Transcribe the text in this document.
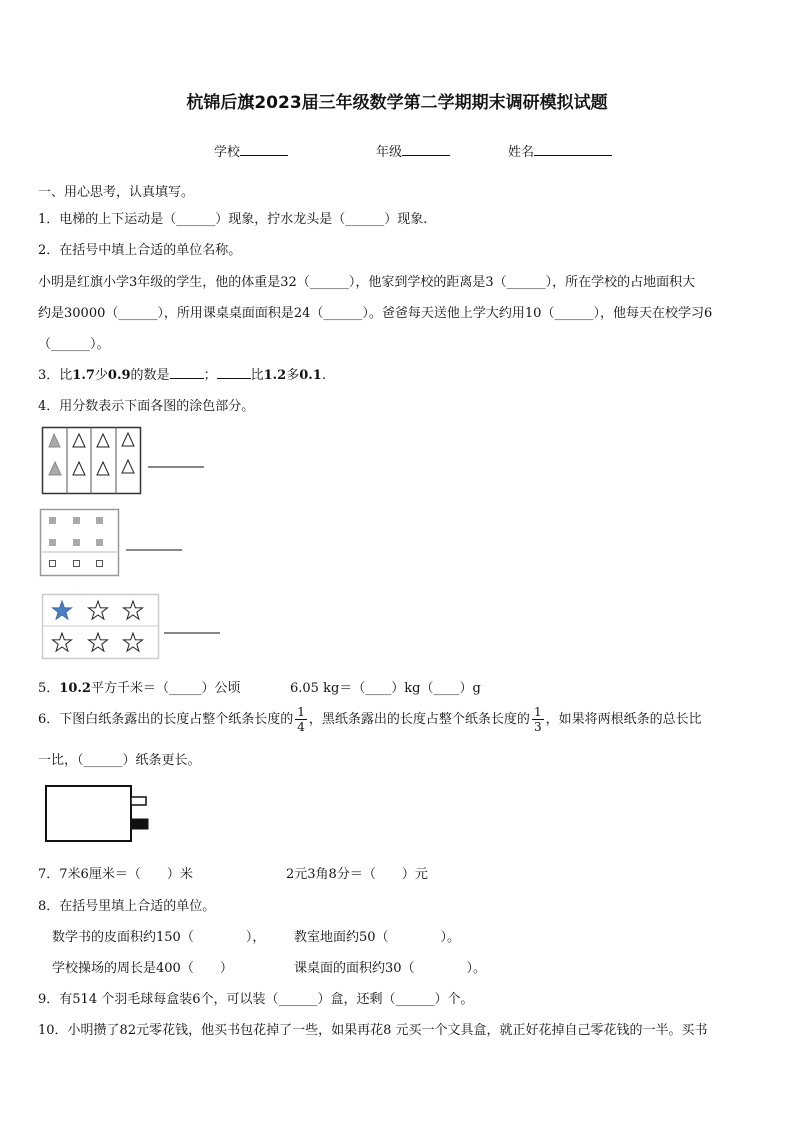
杭锦后旗2023届三年级数学第二学期期末调研模拟试题
学校	年级	姓名
一、用心思考，认真填写。
1．电梯的上下运动是（______）现象，拧水龙头是（______）现象.
2．在括号中填上合适的单位名称。
小明是红旗小学3年级的学生，他的体重是32（______），他家到学校的距离是3（______），所在学校的占地面积大
约是30000（______），所用课桌桌面面积是24（______）。爸爸每天送他上学大约用10（______），他每天在校学习6
（______）。
3．比1.7少0.9的数是	；	比1.2多0.1.
4．用分数表示下面各图的涂色部分。
5．10.2平方千米＝（_____）公顷	6.05 kg＝（____）kg（____）g
6．下图白纸条露出的长度占整个纸条长度的 $\frac{1}{4}$ ，黑纸条露出的长度占整个纸条长度的 $\frac{1}{3}$ ，如果将两根纸条的总长比
一比，（______）纸条更长。
7．7米6厘米＝（　　）米	2元3角8分＝（　　）元
8．在括号里填上合适的单位。
数学书的皮面积约150（　　　　）， 教室地面约50（　　　　）。
学校操场的周长是400（　　）	课桌面的面积约30（　　　　）。
9．有514 个羽毛球每盒装6个，可以装（______）盒，还剩（______）个。
10．小明攒了82元零花钱，他买书包花掉了一些，如果再花8 元买一个文具盒，就正好花掉自己零花钱的一半。买书
